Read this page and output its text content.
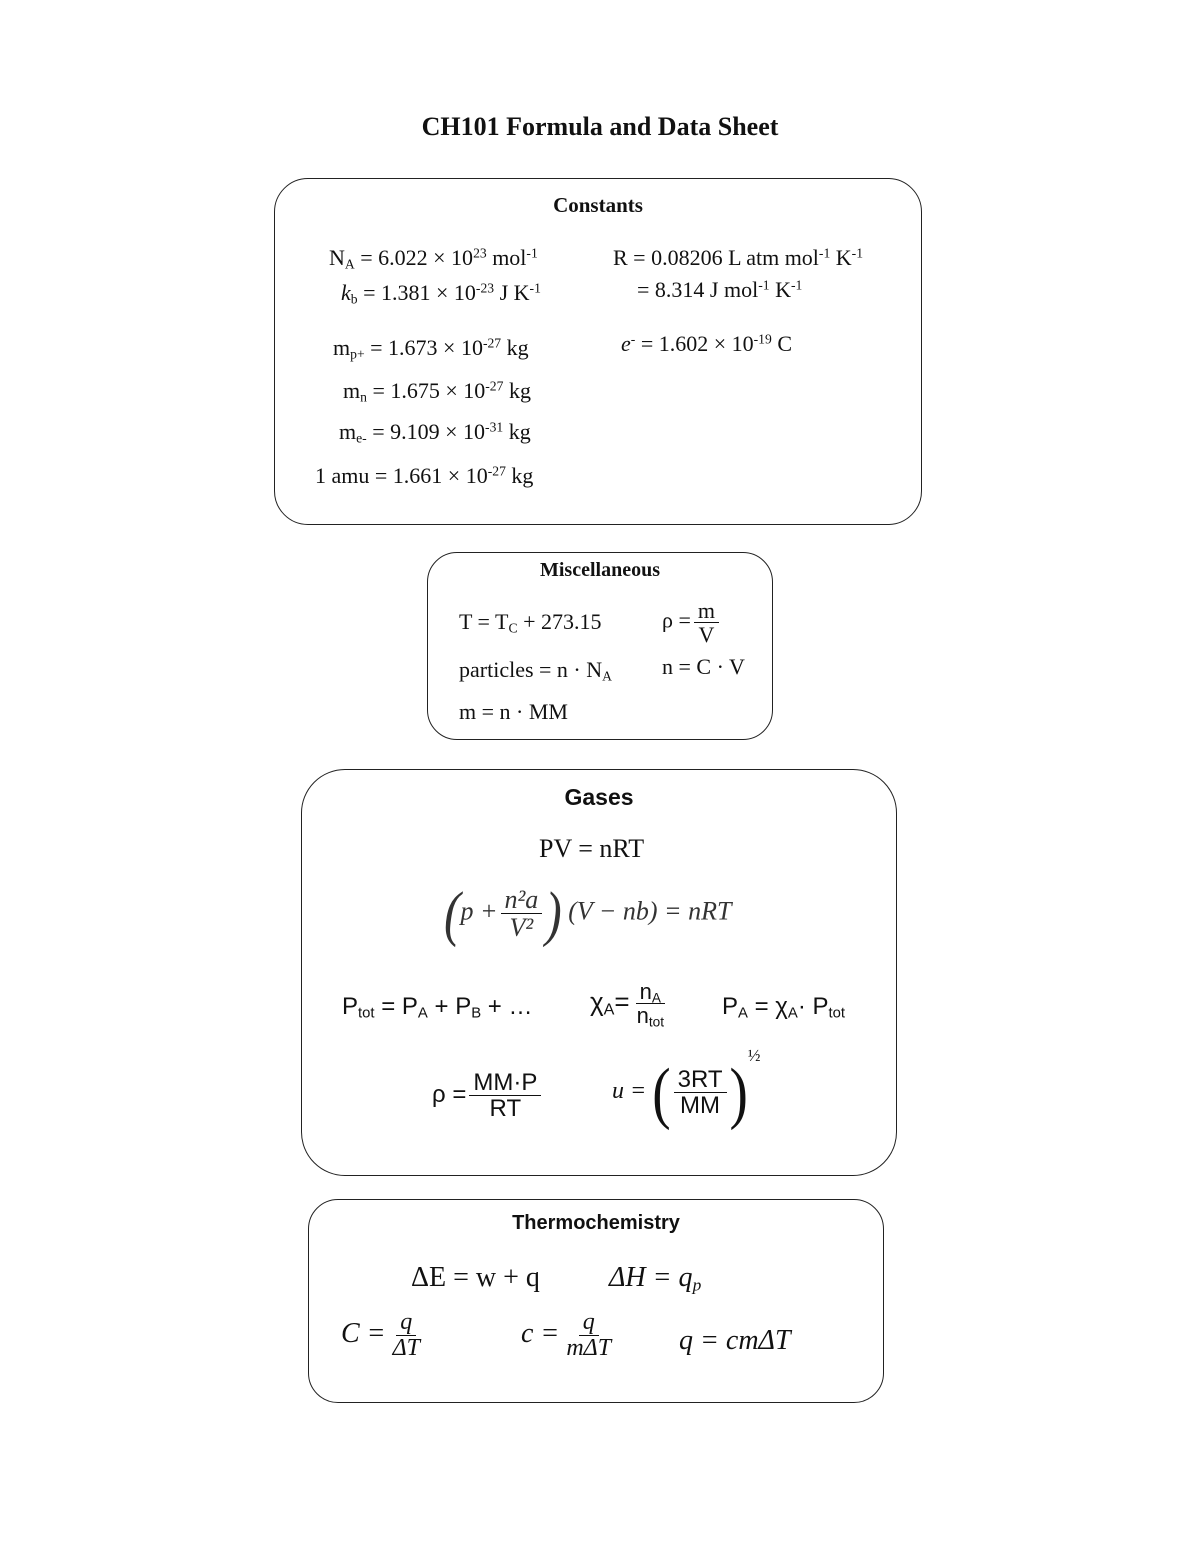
CH101 Formula and Data Sheet
Constants
$N_A = 6.022 \times 10^{23}$ mol$^{-1}$
$k_b = 1.381 \times 10^{-23}$ J $K^{-1}$
$m_{p+} = 1.673 \times 10^{-27}$ kg
$m_n = 1.675 \times 10^{-27}$ kg
$m_{e-} = 9.109 \times 10^{-31}$ kg
1 amu = $1.661 \times 10^{-27}$ kg
R = 0.08206 L atm mol$^{-1}$ $K^{-1}$
= 8.314 J mol$^{-1}$ $K^{-1}$
$e^- = 1.602 \times 10^{-19}$ C
Miscellaneous
$T = T_C + 273.15$	$\rho = \frac{m}{V}$
particles = $n \cdot N_A$ n = C · V
m = n · MM
Gases
PV = nRT
($p + \frac{\text{n²a}}{\text{V²}}$ ) (V − nb) = nRT
$P_{tot} = P_A + P_B$ + … $\chi_A= \frac{n_A}{n_{tot}} P_A = \chi_A\cdot P_{tot}$
$\rho = \frac{MM\cdot P}{RT}$	u = ( $\frac{3RT}{MM} )^{\frac{1}{2}}$
Thermochemistry
ΔE = w + q $\Delta H = q_p$
$C = \frac{q}{\Delta T}$	$c = \frac{q}{\text{mΔT}}$ q = cmΔT
